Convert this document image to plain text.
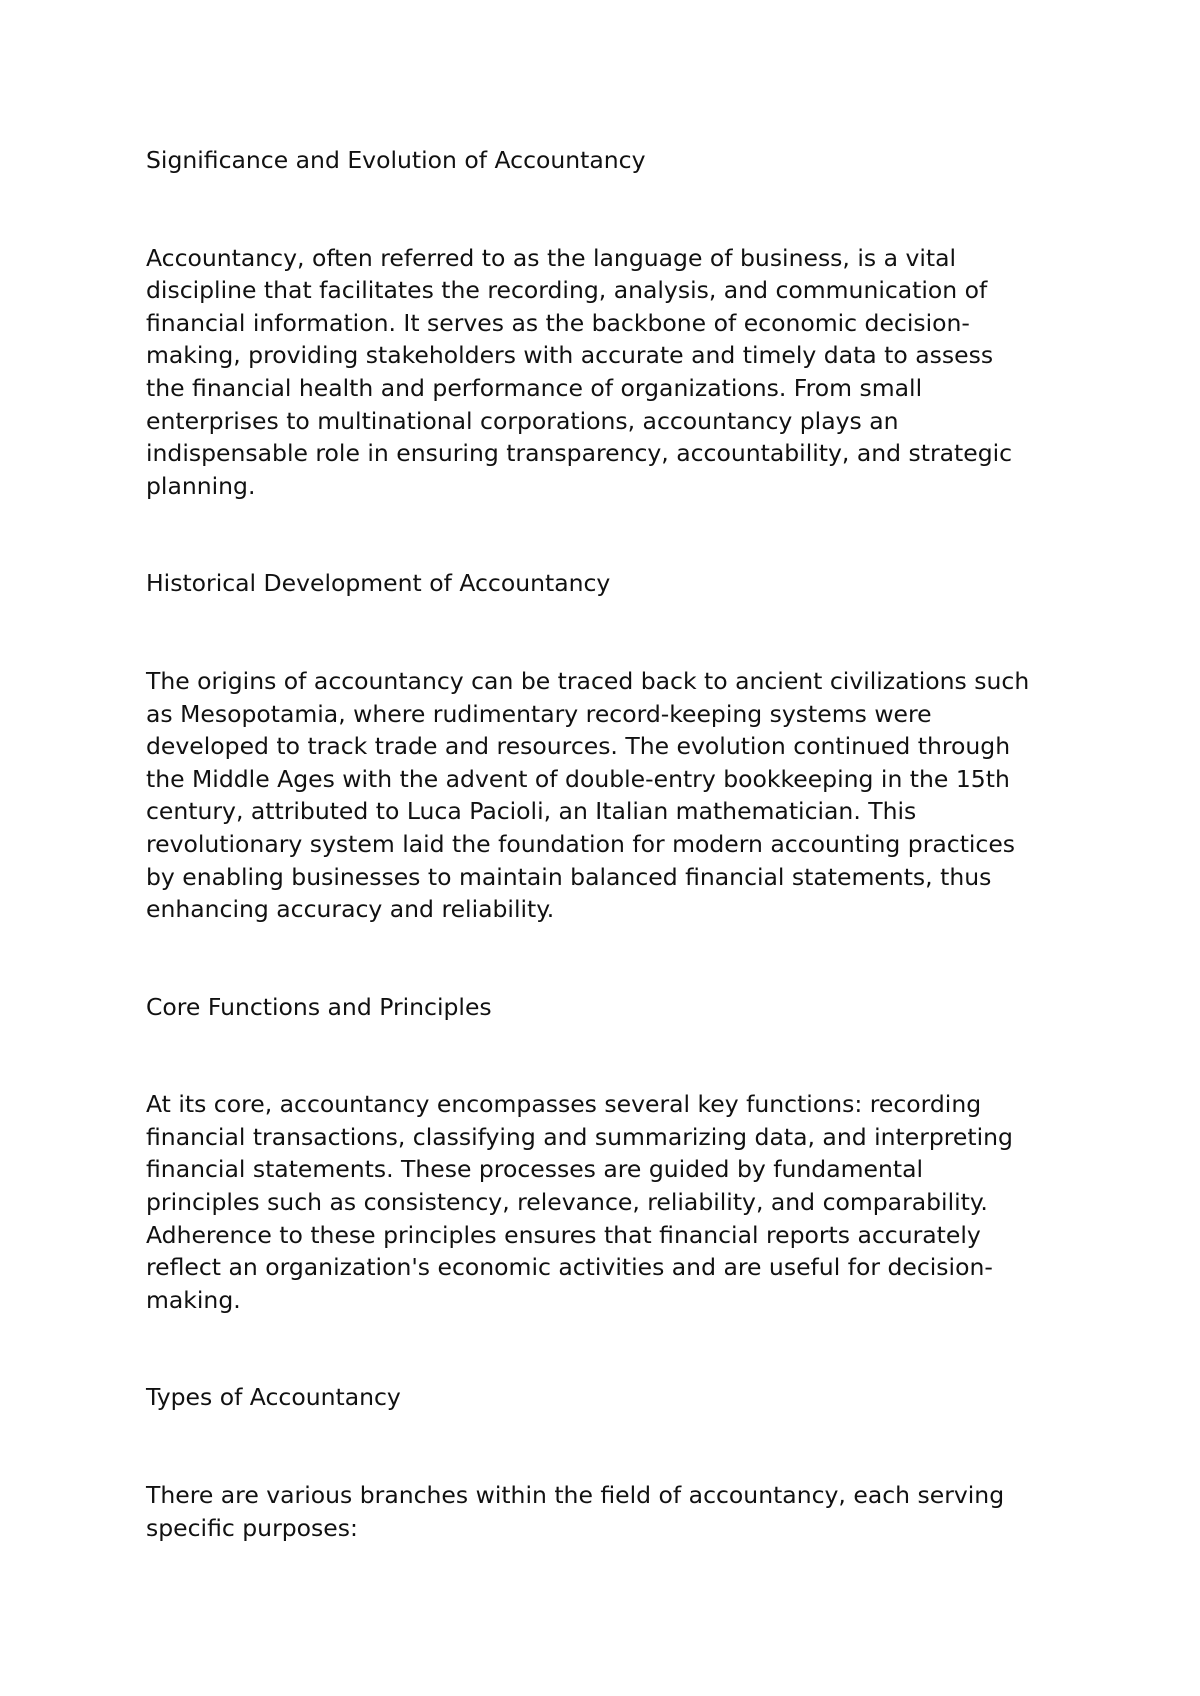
Significance and Evolution of Accountancy

Accountancy, often referred to as the language of business, is a vital
discipline that facilitates the recording, analysis, and communication of
financial information. It serves as the backbone of economic decision-
making, providing stakeholders with accurate and timely data to assess
the financial health and performance of organizations. From small
enterprises to multinational corporations, accountancy plays an
indispensable role in ensuring transparency, accountability, and strategic
planning.

Historical Development of Accountancy

The origins of accountancy can be traced back to ancient civilizations such
as Mesopotamia, where rudimentary record-keeping systems were
developed to track trade and resources. The evolution continued through
the Middle Ages with the advent of double-entry bookkeeping in the 15th
century, attributed to Luca Pacioli, an Italian mathematician. This
revolutionary system laid the foundation for modern accounting practices
by enabling businesses to maintain balanced financial statements, thus
enhancing accuracy and reliability.

Core Functions and Principles

At its core, accountancy encompasses several key functions: recording
financial transactions, classifying and summarizing data, and interpreting
financial statements. These processes are guided by fundamental
principles such as consistency, relevance, reliability, and comparability.
Adherence to these principles ensures that financial reports accurately
reflect an organization's economic activities and are useful for decision-
making.

Types of Accountancy

There are various branches within the field of accountancy, each serving
specific purposes:
